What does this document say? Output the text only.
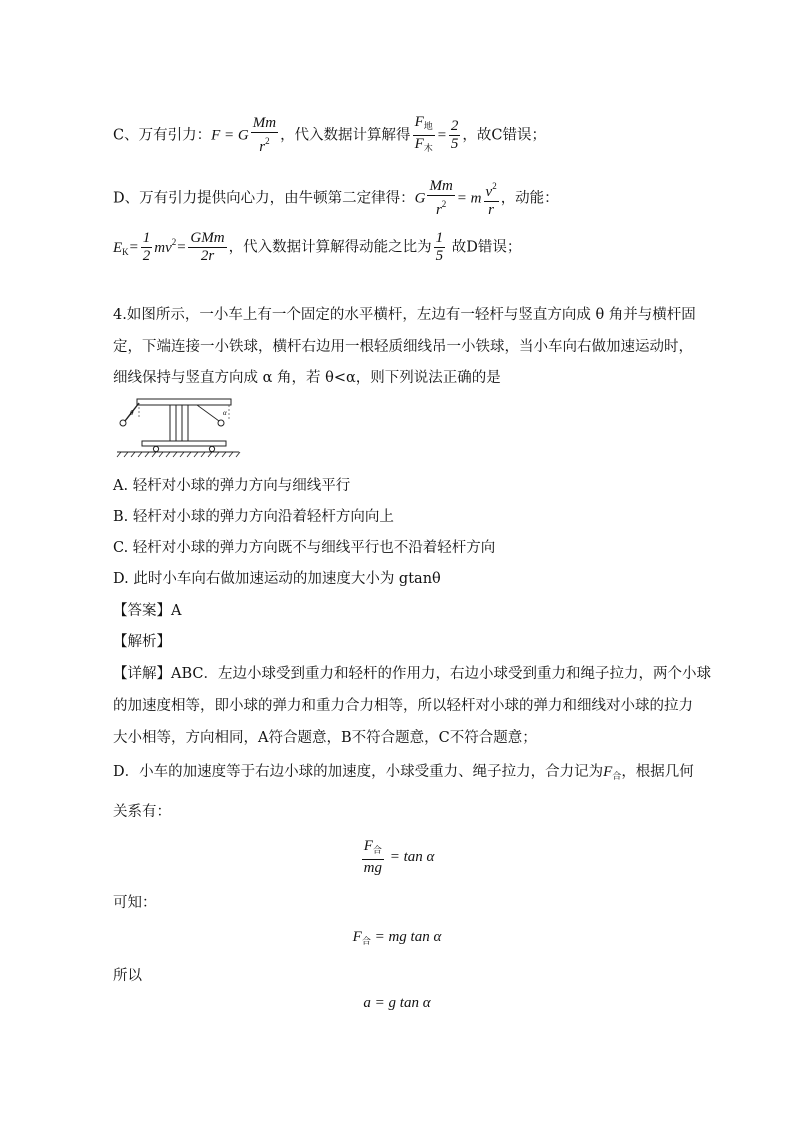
C、万有引力：F = G $\frac{Mm}{r^2}$ ，代入数据计算解得 $\frac{F_地}{F_木} = \frac{2}{5}$ ，故C错误；
D、万有引力提供向心力，由牛顿第二定律得：G $\frac{Mm}{r^2} = m \frac{v^2}{r}$ ，动能：
$E_K= \frac{1}{2} mv^2= \frac{\text{GMm}}{2r}$ ，代入数据计算解得动能之比为 $\frac{1}{5}$ 故D错误；
4.如图所示，一小车上有一个固定的水平横杆，左边有一轻杆与竖直方向成 θ 角并与横杆固
定，下端连接一小铁球，横杆右边用一根轻质细线吊一小铁球，当小车向右做加速运动时，
细线保持与竖直方向成 α 角，若 θ<α，则下列说法正确的是
θ	α
A. 轻杆对小球的弹力方向与细线平行
B. 轻杆对小球的弹力方向沿着轻杆方向向上
C. 轻杆对小球的弹力方向既不与细线平行也不沿着轻杆方向
D. 此时小车向右做加速运动的加速度大小为 gtanθ
【答案】A
【解析】
【详解】ABC．左边小球受到重力和轻杆的作用力，右边小球受到重力和绳子拉力，两个小球
的加速度相等，即小球的弹力和重力合力相等，所以轻杆对小球的弹力和细线对小球的拉力
大小相等，方向相同，A符合题意，B不符合题意，C不符合题意；
D．小车的加速度等于右边小球的加速度，小球受重力、绳子拉力，合力记为$F_合$，根据几何
关系有：
$\frac{F_合}{mg} = \tan \alpha$
可知：
$F_合$ = mg tan α
所以
a = g tan α
